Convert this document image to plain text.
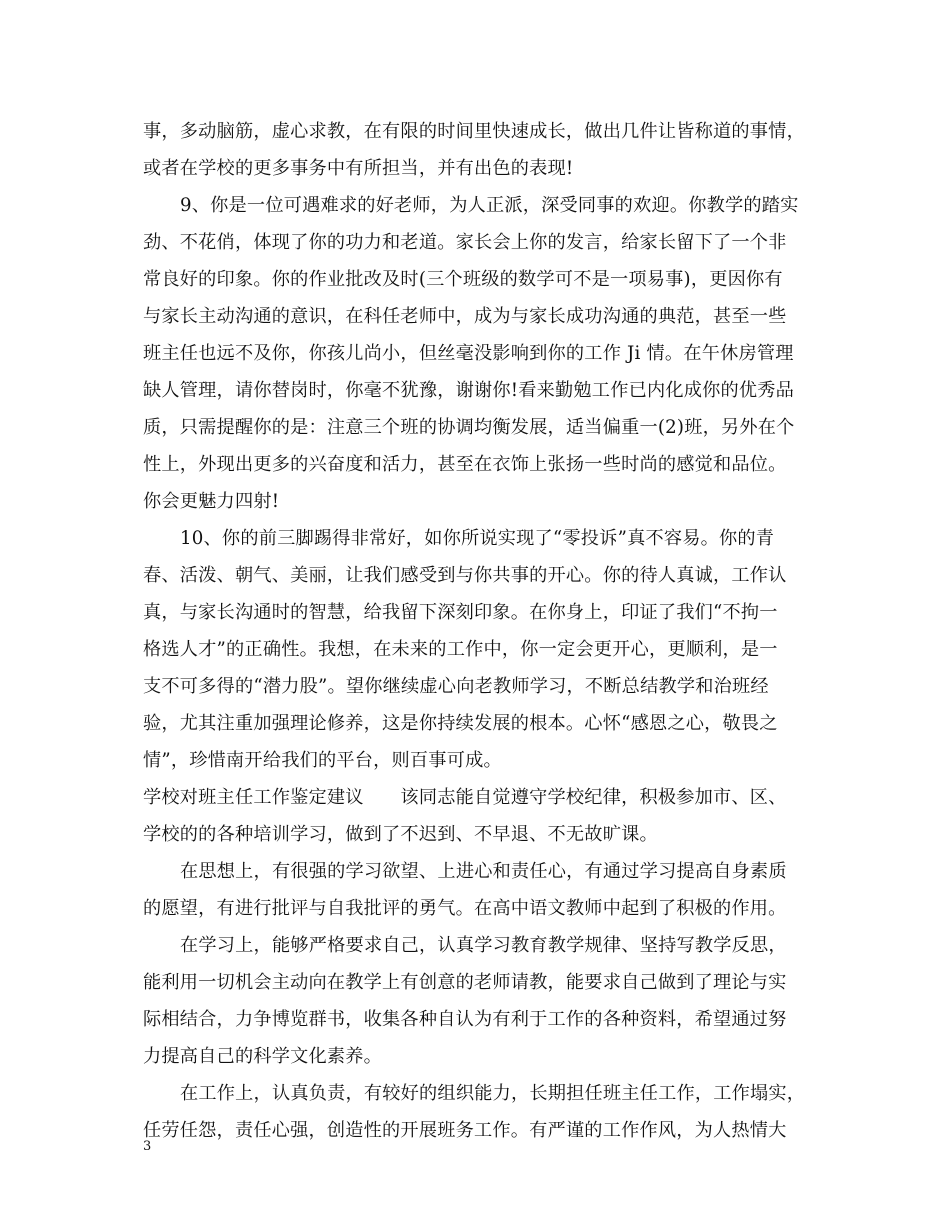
事，多动脑筋，虚心求教，在有限的时间里快速成长，做出几件让皆称道的事情，
或者在学校的更多事务中有所担当，并有出色的表现!
9、你是一位可遇难求的好老师，为人正派，深受同事的欢迎。你教学的踏实
劲、不花俏，体现了你的功力和老道。家长会上你的发言，给家长留下了一个非
常良好的印象。你的作业批改及时(三个班级的数学可不是一项易事)，更因你有
与家长主动沟通的意识，在科任老师中，成为与家长成功沟通的典范，甚至一些
班主任也远不及你，你孩儿尚小，但丝毫没影响到你的工作 Ji 情。在午休房管理
缺人管理，请你替岗时，你毫不犹豫，谢谢你!看来勤勉工作已内化成你的优秀品
质，只需提醒你的是：注意三个班的协调均衡发展，适当偏重一(2)班，另外在个
性上，外现出更多的兴奋度和活力，甚至在衣饰上张扬一些时尚的感觉和品位。
你会更魅力四射!
10、你的前三脚踢得非常好，如你所说实现了“零投诉”真不容易。你的青
春、活泼、朝气、美丽，让我们感受到与你共事的开心。你的待人真诚，工作认
真，与家长沟通时的智慧，给我留下深刻印象。在你身上，印证了我们“不拘一
格选人才”的正确性。我想，在未来的工作中，你一定会更开心，更顺利，是一
支不可多得的“潜力股”。望你继续虚心向老教师学习，不断总结教学和治班经
验，尤其注重加强理论修养，这是你持续发展的根本。心怀“感恩之心，敬畏之
情”，珍惜南开给我们的平台，则百事可成。
学校对班主任工作鉴定建议　　该同志能自觉遵守学校纪律，积极参加市、区、
学校的的各种培训学习，做到了不迟到、不早退、不无故旷课。
在思想上，有很强的学习欲望、上进心和责任心，有通过学习提高自身素质
的愿望，有进行批评与自我批评的勇气。在高中语文教师中起到了积极的作用。
在学习上，能够严格要求自己，认真学习教育教学规律、坚持写教学反思，
能利用一切机会主动向在教学上有创意的老师请教，能要求自己做到了理论与实
际相结合，力争博览群书，收集各种自认为有利于工作的各种资料，希望通过努
力提高自己的科学文化素养。
在工作上，认真负责，有较好的组织能力，长期担任班主任工作，工作塌实，
任劳任怨，责任心强，创造性的开展班务工作。有严谨的工作作风，为人热情大
3
